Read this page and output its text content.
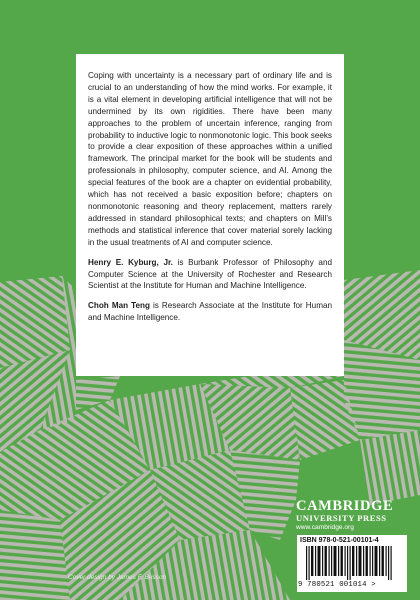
Coping with uncertainty is a necessary part of ordinary life and is crucial to an understanding of how the mind works. For example, it is a vital element in developing artificial intelligence that will not be undermined by its own rigidities. There have been many approaches to the problem of uncertain inference, ranging from probability to inductive logic to nonmonotonic logic. This book seeks to provide a clear exposition of these approaches within a unified framework. The principal market for the book will be students and professionals in philosophy, computer science, and AI. Among the special features of the book are a chapter on evidential probability, which has not received a basic exposition before; chapters on nonmonotonic reasoning and theory replacement, matters rarely addressed in standard philosophical texts; and chapters on Mill’s methods and statistical inference that cover material sorely lacking in the usual treatments of AI and computer science.

Henry E. Kyburg, Jr. is Burbank Professor of Philosophy and Computer Science at the University of Rochester and Research Scientist at the Institute for Human and Machine Intelligence.

Choh Man Teng is Research Associate at the Institute for Human and Machine Intelligence.

CAMBRIDGE
UNIVERSITY PRESS
www.cambridge.org
ISBN 978-0-521-00101-4
9 780521 001014 >
Cover design by James F. Brisson
